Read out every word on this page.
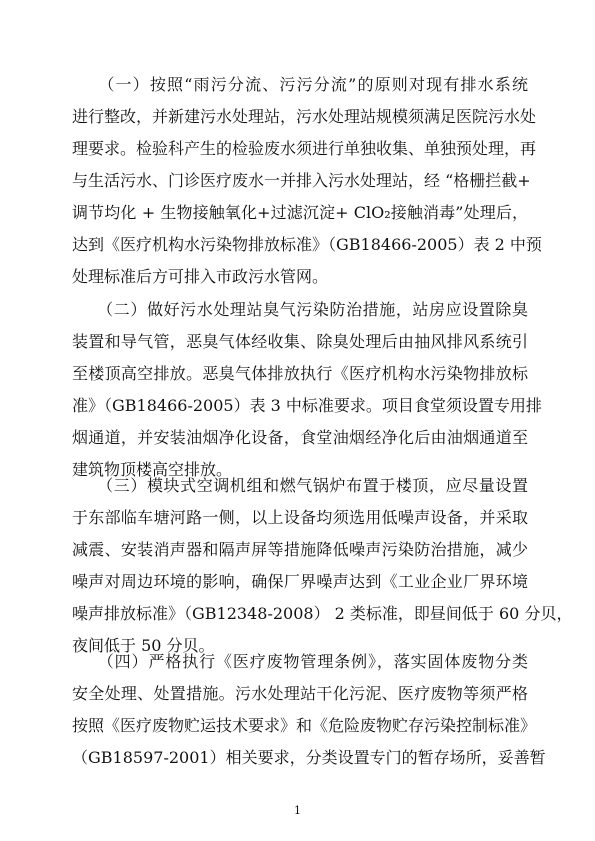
　　（一）按照“雨污分流、污污分流”的原则对现有排水系统
进行整改，并新建污水处理站，污水处理站规模须满足医院污水处
理要求。检验科产生的检验废水须进行单独收集、单独预处理，再
与生活污水、门诊医疗废水一并排入污水处理站，经 “格栅拦截+
调节均化 + 生物接触氧化+过滤沉淀+ ClO₂接触消毒”处理后，
达到《医疗机构水污染物排放标准》（GB18466-2005）表 2 中预
处理标准后方可排入市政污水管网。
　　（二）做好污水处理站臭气污染防治措施，站房应设置除臭
装置和导气管，恶臭气体经收集、除臭处理后由抽风排风系统引
至楼顶高空排放。恶臭气体排放执行《医疗机构水污染物排放标
准》（GB18466-2005）表 3 中标准要求。项目食堂须设置专用排
烟通道，并安装油烟净化设备，食堂油烟经净化后由油烟通道至
建筑物顶楼高空排放。
　　（三）模块式空调机组和燃气锅炉布置于楼顶，应尽量设置
于东部临车塘河路一侧，以上设备均须选用低噪声设备，并采取
减震、安装消声器和隔声屏等措施降低噪声污染防治措施，减少
噪声对周边环境的影响，确保厂界噪声达到《工业企业厂界环境
噪声排放标准》（GB12348-2008） 2 类标准，即昼间低于 60 分贝，
夜间低于 50 分贝。
　　（四）严格执行《医疗废物管理条例》，落实固体废物分类
安全处理、处置措施。污水处理站干化污泥、医疗废物等须严格
按照《医疗废物贮运技术要求》和《危险废物贮存污染控制标准》
（GB18597-2001）相关要求，分类设置专门的暂存场所，妥善暂
1
